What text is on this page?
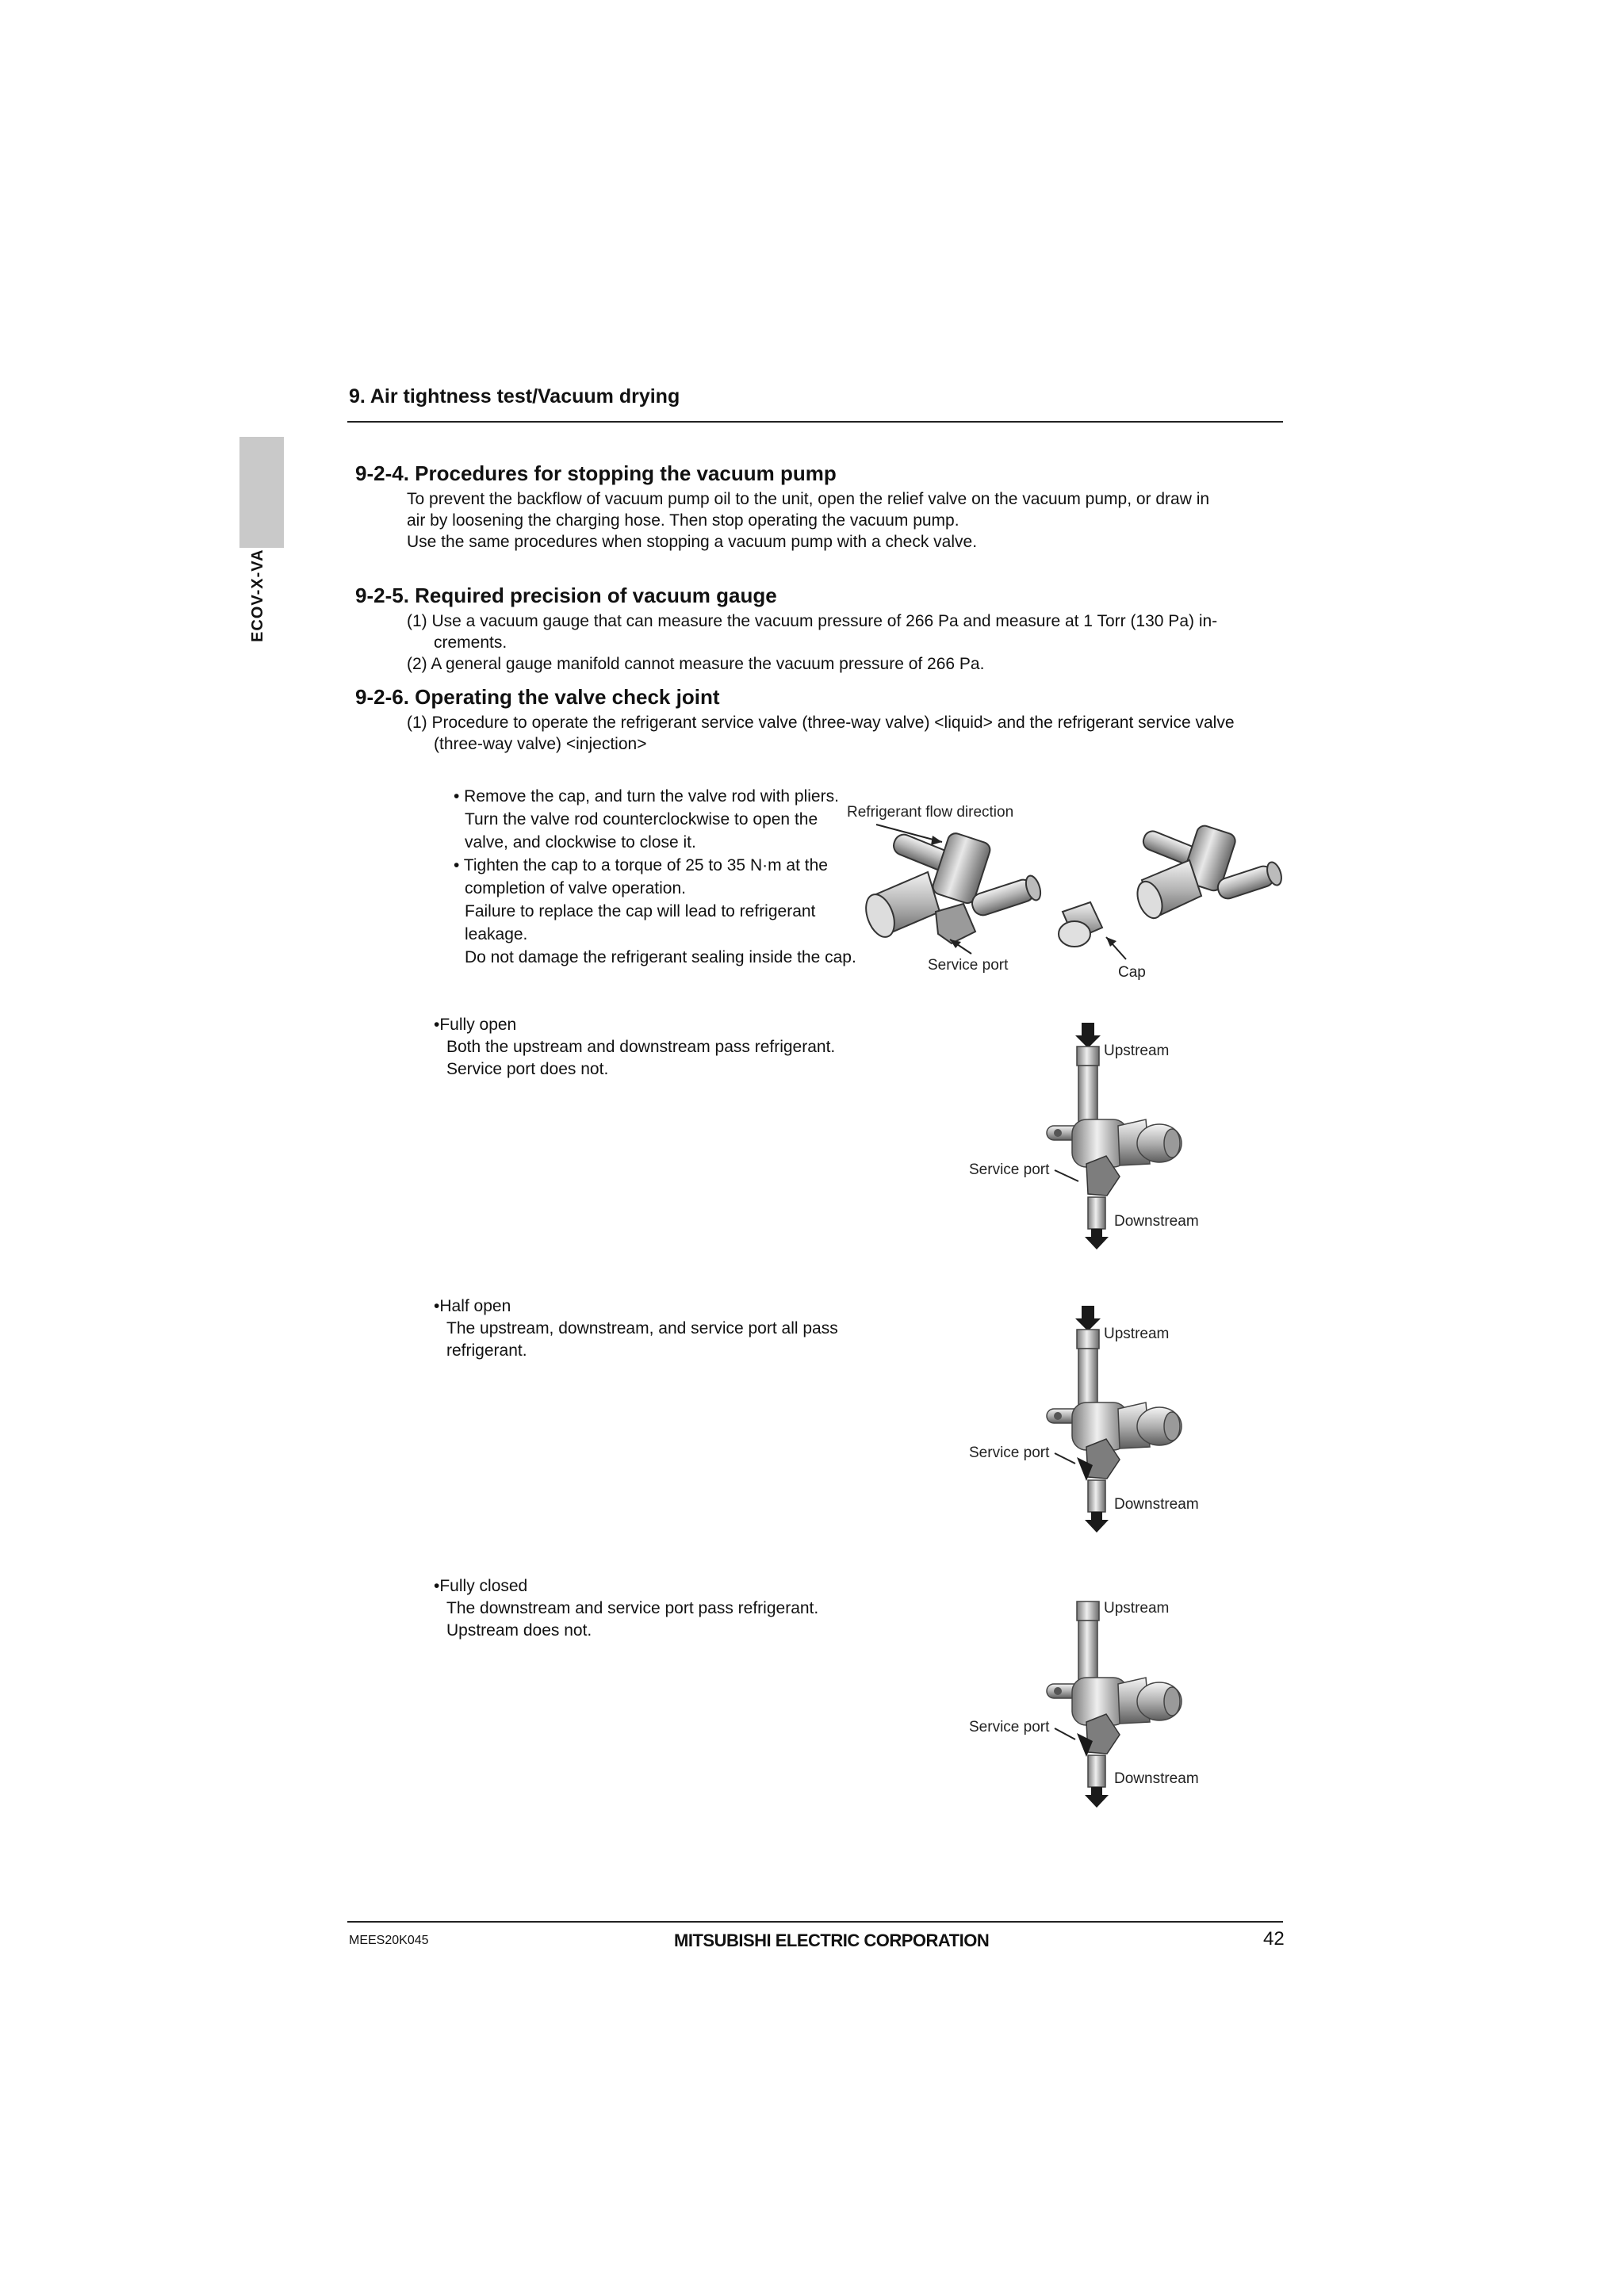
ECOV-X-VA
9. Air tightness test/Vacuum drying
9-2-4. Procedures for stopping the vacuum pump
To prevent the backflow of vacuum pump oil to the unit, open the relief valve on the vacuum pump, or draw in
air by loosening the charging hose. Then stop operating the vacuum pump.
Use the same procedures when stopping a vacuum pump with a check valve.
9-2-5. Required precision of vacuum gauge
(1) Use a vacuum gauge that can measure the vacuum pressure of 266 Pa and measure at 1 Torr (130 Pa) in-
crements.
(2) A general gauge manifold cannot measure the vacuum pressure of 266 Pa.
9-2-6. Operating the valve check joint
(1) Procedure to operate the refrigerant service valve (three-way valve) <liquid> and the refrigerant service valve
(three-way valve) <injection>
• Remove the cap, and turn the valve rod with pliers.
Turn the valve rod counterclockwise to open the
valve, and clockwise to close it.
• Tighten the cap to a torque of 25 to 35 N·m at the
completion of valve operation.
Failure to replace the cap will lead to refrigerant
leakage.
Do not damage the refrigerant sealing inside the cap.
Refrigerant flow direction
Service port	Cap
•Fully open
Both the upstream and downstream pass refrigerant.
Service port does not.
Upstream
Service port
Downstream
•Half open
The upstream, downstream, and service port all pass
refrigerant.
Upstream
Service port
Downstream
•Fully closed
The downstream and service port pass refrigerant.
Upstream does not.
Upstream
Service port
Downstream
MEES20K045	MITSUBISHI ELECTRIC CORPORATION	42
